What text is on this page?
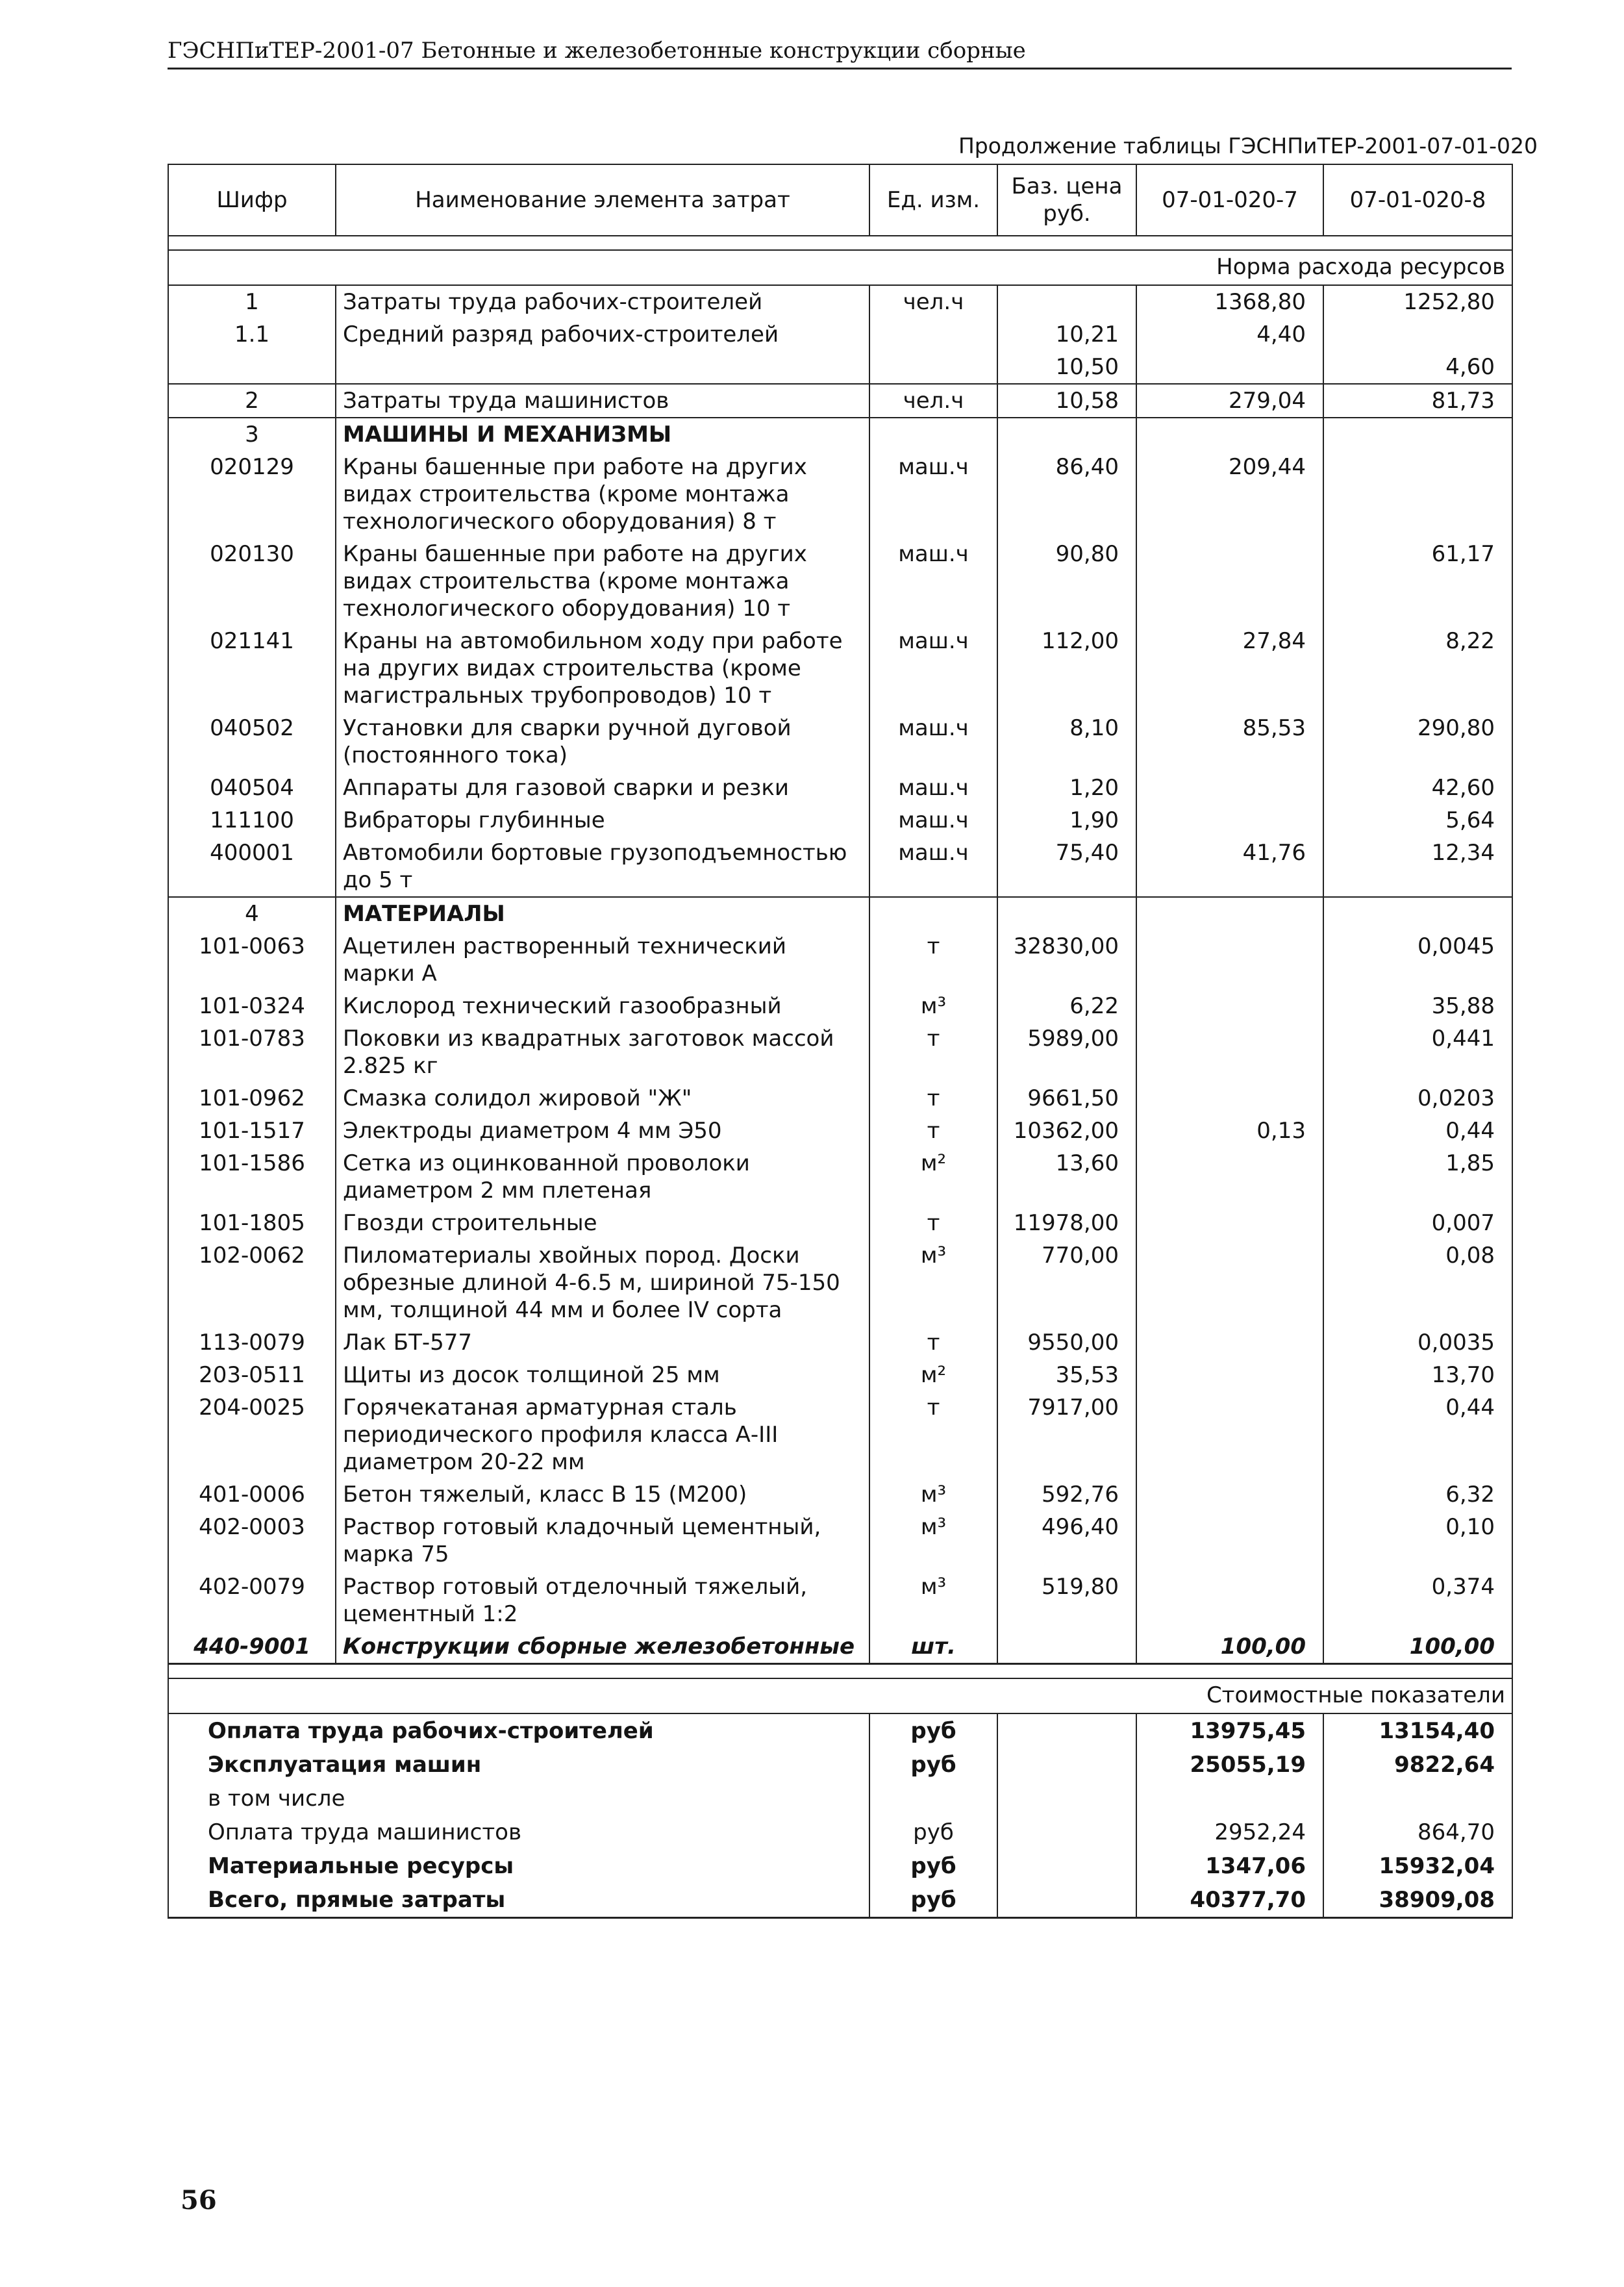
ГЭСНПиТЕР-2001-07 Бетонные и железобетонные конструкции сборные
Продолжение таблицы ГЭСНПиТЕР-2001-07-01-020
Шифр	Наименование элемента затрат	Ед. изм.	Баз. цена руб.	07-01-020-7	07-01-020-8

Норма расхода ресурсов					
1	Затраты труда рабочих-строителей	чел.ч		1368,80	1252,80
1.1	Средний разряд рабочих-строителей		10,21	4,40	
			10,50		4,60
2	Затраты труда машинистов	чел.ч	10,58	279,04	81,73
3	МАШИНЫ И МЕХАНИЗМЫ				
020129	Краны башенные при работе на других видах строительства (кроме монтажа технологического оборудования) 8 т	маш.ч	86,40	209,44	
020130	Краны башенные при работе на других видах строительства (кроме монтажа технологического оборудования) 10 т	маш.ч	90,80		61,17
021141	Краны на автомобильном ходу при работе на других видах строительства (кроме магистральных трубопроводов) 10 т	маш.ч	112,00	27,84	8,22
040502	Установки для сварки ручной дуговой (постоянного тока)	маш.ч	8,10	85,53	290,80
040504	Аппараты для газовой сварки и резки	маш.ч	1,20		42,60
111100	Вибраторы глубинные	маш.ч	1,90		5,64
400001	Автомобили бортовые грузоподъемностью до 5 т	маш.ч	75,40	41,76	12,34
4	МАТЕРИАЛЫ				
101-0063	Ацетилен растворенный технический марки А	т	32830,00		0,0045
101-0324	Кислород технический газообразный	м³	6,22		35,88
101-0783	Поковки из квадратных заготовок массой 2.825 кг	т	5989,00		0,441
101-0962	Смазка солидол жировой "Ж"	т	9661,50		0,0203
101-1517	Электроды диаметром 4 мм Э50	т	10362,00	0,13	0,44
101-1586	Сетка из оцинкованной проволоки диаметром 2 мм плетеная	м²	13,60		1,85
101-1805	Гвозди строительные	т	11978,00		0,007
102-0062	Пиломатериалы хвойных пород. Доски обрезные длиной 4-6.5 м, шириной 75-150 мм, толщиной 44 мм и более IV сорта	м³	770,00		0,08
113-0079	Лак БТ-577	т	9550,00		0,0035
203-0511	Щиты из досок толщиной 25 мм	м²	35,53		13,70
204-0025	Горячекатаная арматурная сталь периодического профиля класса А-III диаметром 20-22 мм	т	7917,00		0,44
401-0006	Бетон тяжелый, класс В 15 (М200)	м³	592,76		6,32
402-0003	Раствор готовый кладочный цементный, марка 75	м³	496,40		0,10
402-0079	Раствор готовый отделочный тяжелый, цементный 1:2	м³	519,80		0,374
440-9001	Конструкции сборные железобетонные	шт.		100,00	100,00

Стоимостные показатели					
Оплата труда рабочих-строителей		руб		13975,45	13154,40
Эксплуатация машин		руб		25055,19	9822,64
в том числе					
Оплата труда машинистов		руб		2952,24	864,70
Материальные ресурсы		руб		1347,06	15932,04
Всего, прямые затраты		руб		40377,70	38909,08
56
